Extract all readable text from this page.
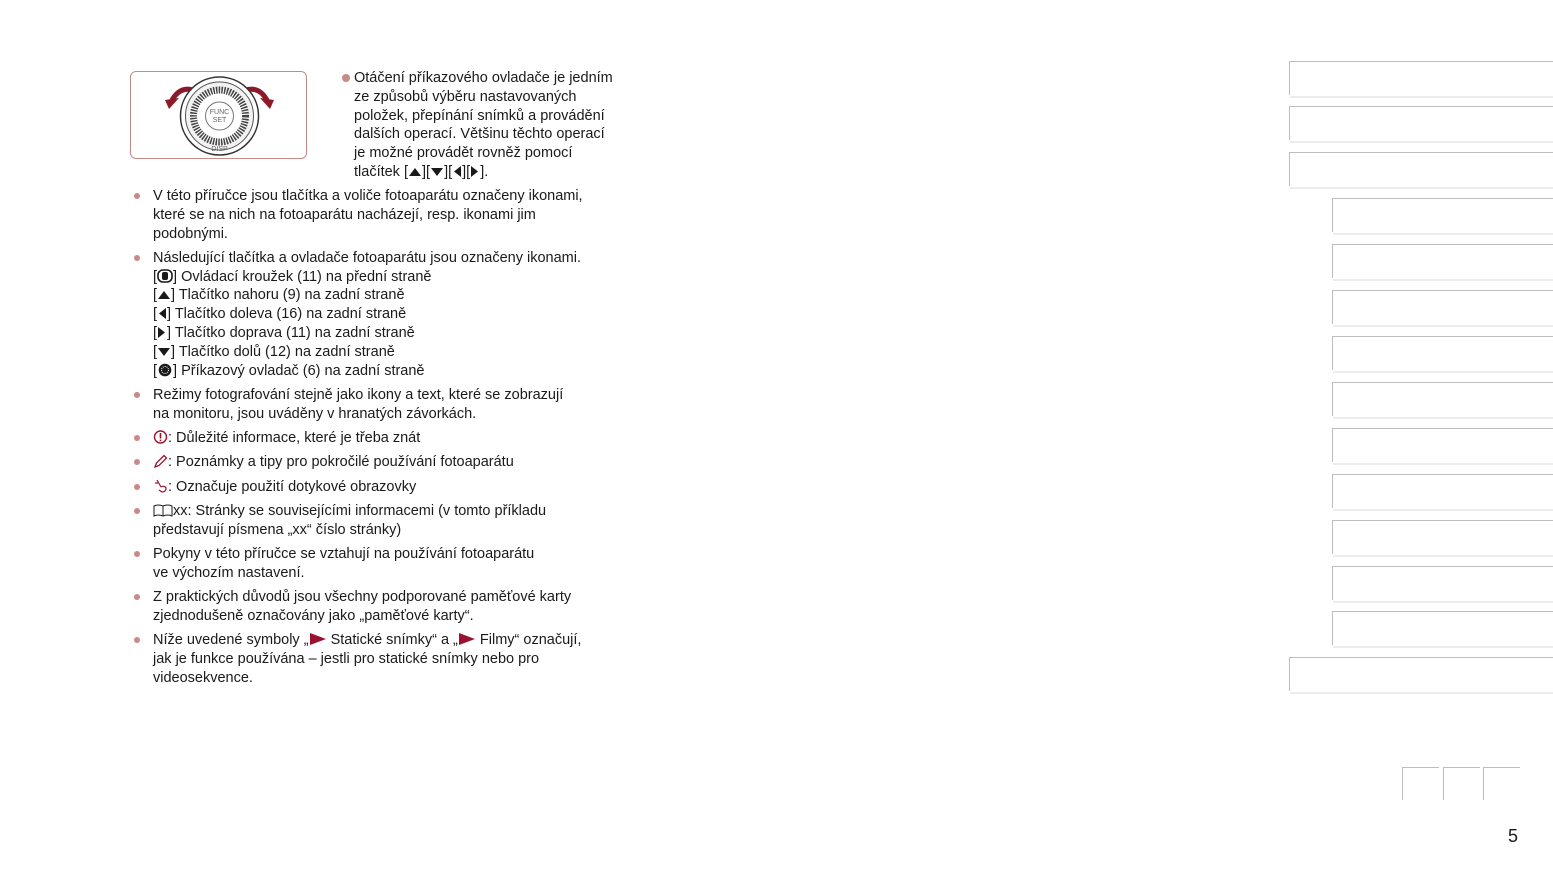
FUNC
SET
DISP
Otáčení příkazového ovladače je jedním
ze způsobů výběru nastavovaných
položek, přepínání snímků a provádění
dalších operací. Většinu těchto operací
je možné provádět rovněž pomocí
tlačítek [ ][ ][ ][ ].
V této příručce jsou tlačítka a voliče fotoaparátu označeny ikonami,
které se na nich na fotoaparátu nacházejí, resp. ikonami jim
podobnými.
Následující tlačítka a ovladače fotoaparátu jsou označeny ikonami.
[ ] Ovládací kroužek (11) na přední straně
[ ] Tlačítko nahoru (9) na zadní straně
[ ] Tlačítko doleva (16) na zadní straně
[ ] Tlačítko doprava (11) na zadní straně
[ ] Tlačítko dolů (12) na zadní straně
[ ] Příkazový ovladač (6) na zadní straně
Režimy fotografování stejně jako ikony a text, které se zobrazují
na monitoru, jsou uváděny v hranatých závorkách.
: Důležité informace, které je třeba znát
: Poznámky a tipy pro pokročilé používání fotoaparátu
: Označuje použití dotykové obrazovky
xx: Stránky se souvisejícími informacemi (v tomto příkladu
představují písmena „xx“ číslo stránky)
Pokyny v této příručce se vztahují na používání fotoaparátu
ve výchozím nastavení.
Z praktických důvodů jsou všechny podporované paměťové karty
zjednodušeně označovány jako „paměťové karty“.
Níže uvedené symboly „
Statické snímky“ a „
Filmy“ označují,
jak je funkce používána – jestli pro statické snímky nebo pro
videosekvence.
5
